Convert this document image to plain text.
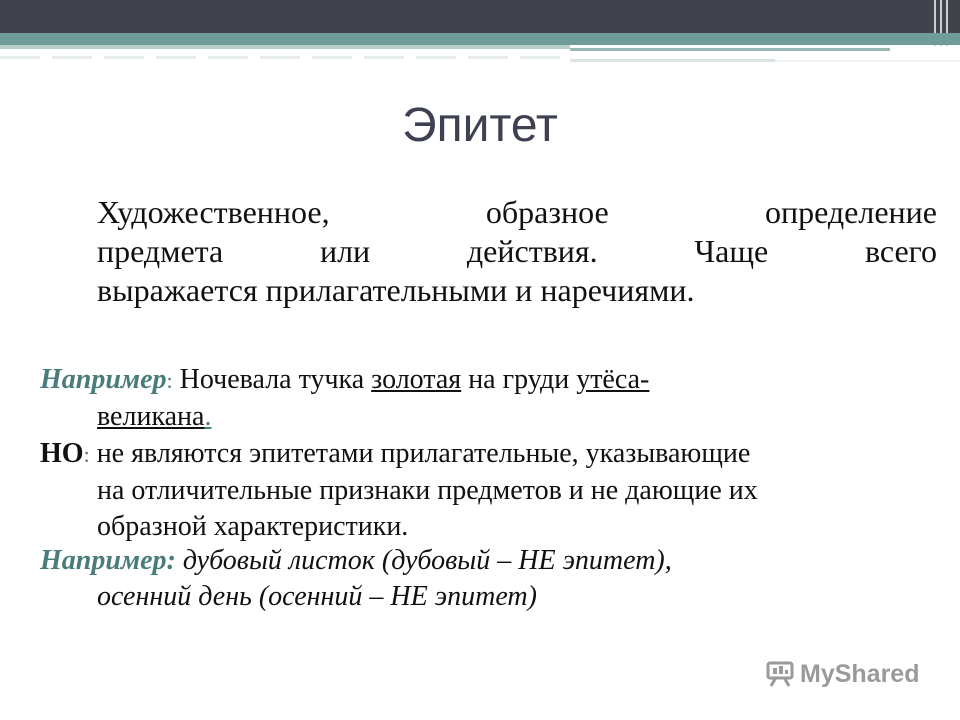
Эпитет
Художественное, образное определение
предмета или действия. Чаще всего
выражается прилагательными и наречиями.
Например: Ночевала тучка золотая на груди утёса-
великана.
НО: не являются эпитетами прилагательные, указывающие
на отличительные признаки предметов и не дающие их
образной характеристики.
Например: дубовый листок (дубовый – НЕ эпитет),
осенний день (осенний – НЕ эпитет)
MyShared
